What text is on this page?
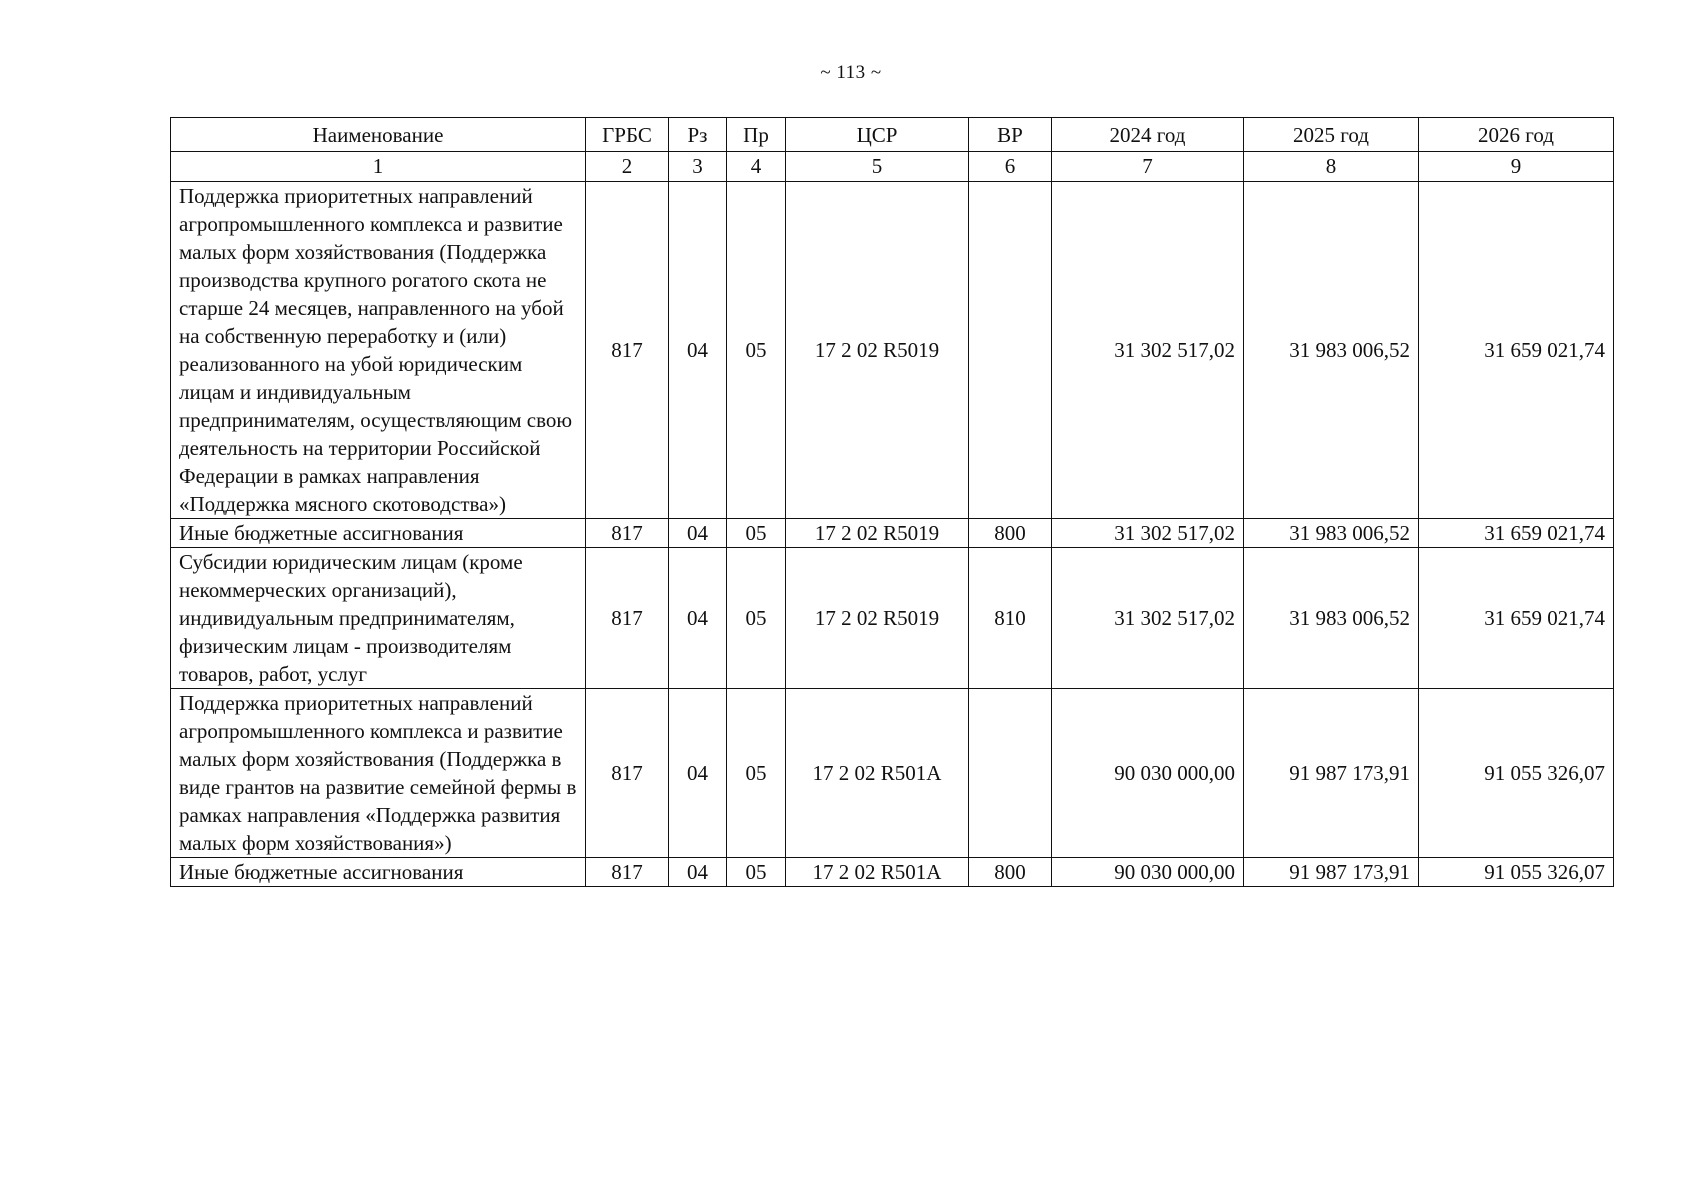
~ 113 ~
Наименование	ГРБС	Рз	Пр	ЦСР	ВР	2024 год	2025 год	2026 год
1	2	3	4	5	6	7	8	9
Поддержка приоритетных направлений агропромышленного комплекса и развитие малых форм хозяйствования (Поддержка производства крупного рогатого скота не старше 24 месяцев, направленного на убой на собственную переработку и (или) реализованного на убой юридическим лицам и индивидуальным предпринимателям, осуществляющим свою деятельность на территории Российской Федерации в рамках направления «Поддержка мясного скотоводства»)	817	04	05	17 2 02 R5019		31 302 517,02	31 983 006,52	31 659 021,74
Иные бюджетные ассигнования	817	04	05	17 2 02 R5019	800	31 302 517,02	31 983 006,52	31 659 021,74
Субсидии юридическим лицам (кроме некоммерческих организаций), индивидуальным предпринимателям, физическим лицам - производителям товаров, работ, услуг	817	04	05	17 2 02 R5019	810	31 302 517,02	31 983 006,52	31 659 021,74
Поддержка приоритетных направлений агропромышленного комплекса и развитие малых форм хозяйствования (Поддержка в виде грантов на развитие семейной фермы в рамках направления «Поддержка развития малых форм хозяйствования»)	817	04	05	17 2 02 R501A		90 030 000,00	91 987 173,91	91 055 326,07
Иные бюджетные ассигнования	817	04	05	17 2 02 R501A	800	90 030 000,00	91 987 173,91	91 055 326,07
